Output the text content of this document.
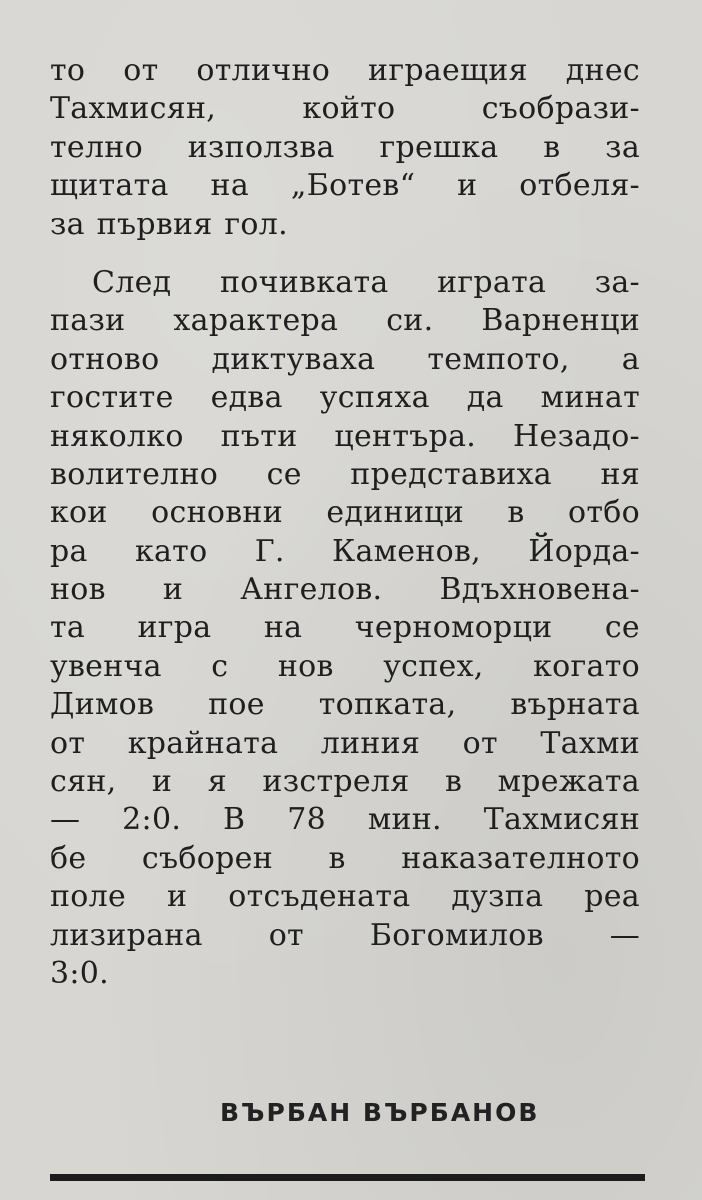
то от отлично играещия днес
Тахмисян, който съобрази-
телно използва грешка в за
щитата на „Ботев“ и отбеля-
за първия гол.
След почивката играта за-
пази характера си. Варненци
отново диктуваха темпото, а
гостите едва успяха да минат
няколко пъти центъра. Незадо-
волително се представиха ня
кои основни единици в отбо
ра като Г. Каменов, Йорда-
нов и Ангелов. Вдъхновена-
та игра на черноморци се
увенча с нов успех, когато
Димов пое топката, върната
от крайната линия от Тахми
сян, и я изстреля в мрежата
— 2:0. В 78 мин. Тахмисян
бе съборен в наказателното
поле и отсъдената дузпа реа
лизирана от Богомилов —
3:0.
ВЪРБАН ВЪРБАНОВ
